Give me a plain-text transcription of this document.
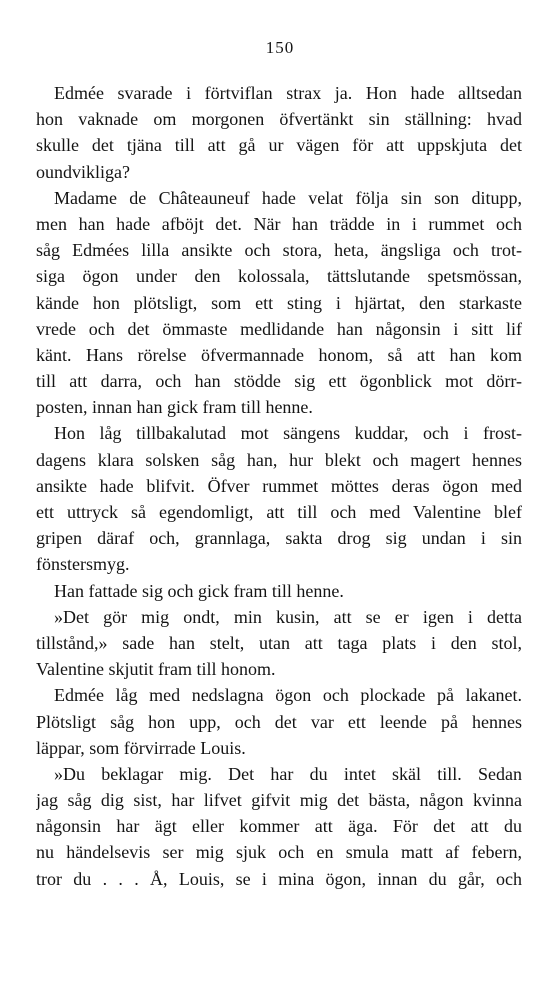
150
Edmée svarade i förtviflan strax ja. Hon hade alltsedan
hon vaknade om morgonen öfvertänkt sin ställning: hvad
skulle det tjäna till att gå ur vägen för att uppskjuta det
oundvikliga?
Madame de Châteauneuf hade velat följa sin son ditupp,
men han hade afböjt det. När han trädde in i rummet och
såg Edmées lilla ansikte och stora, heta, ängsliga och trot-
siga ögon under den kolossala, tättslutande spetsmössan,
kände hon plötsligt, som ett sting i hjärtat, den starkaste
vrede och det ömmaste medlidande han någonsin i sitt lif
känt. Hans rörelse öfvermannade honom, så att han kom
till att darra, och han stödde sig ett ögonblick mot dörr-
posten, innan han gick fram till henne.
Hon låg tillbakalutad mot sängens kuddar, och i frost-
dagens klara solsken såg han, hur blekt och magert hennes
ansikte hade blifvit. Öfver rummet möttes deras ögon med
ett uttryck så egendomligt, att till och med Valentine blef
gripen däraf och, grannlaga, sakta drog sig undan i sin
fönstersmyg.
Han fattade sig och gick fram till henne.
»Det gör mig ondt, min kusin, att se er igen i detta
tillstånd,» sade han stelt, utan att taga plats i den stol,
Valentine skjutit fram till honom.
Edmée låg med nedslagna ögon och plockade på lakanet.
Plötsligt såg hon upp, och det var ett leende på hennes
läppar, som förvirrade Louis.
»Du beklagar mig. Det har du intet skäl till. Sedan
jag såg dig sist, har lifvet gifvit mig det bästa, någon kvinna
någonsin har ägt eller kommer att äga. För det att du
nu händelsevis ser mig sjuk och en smula matt af febern,
tror du . . . Å, Louis, se i mina ögon, innan du går, och
